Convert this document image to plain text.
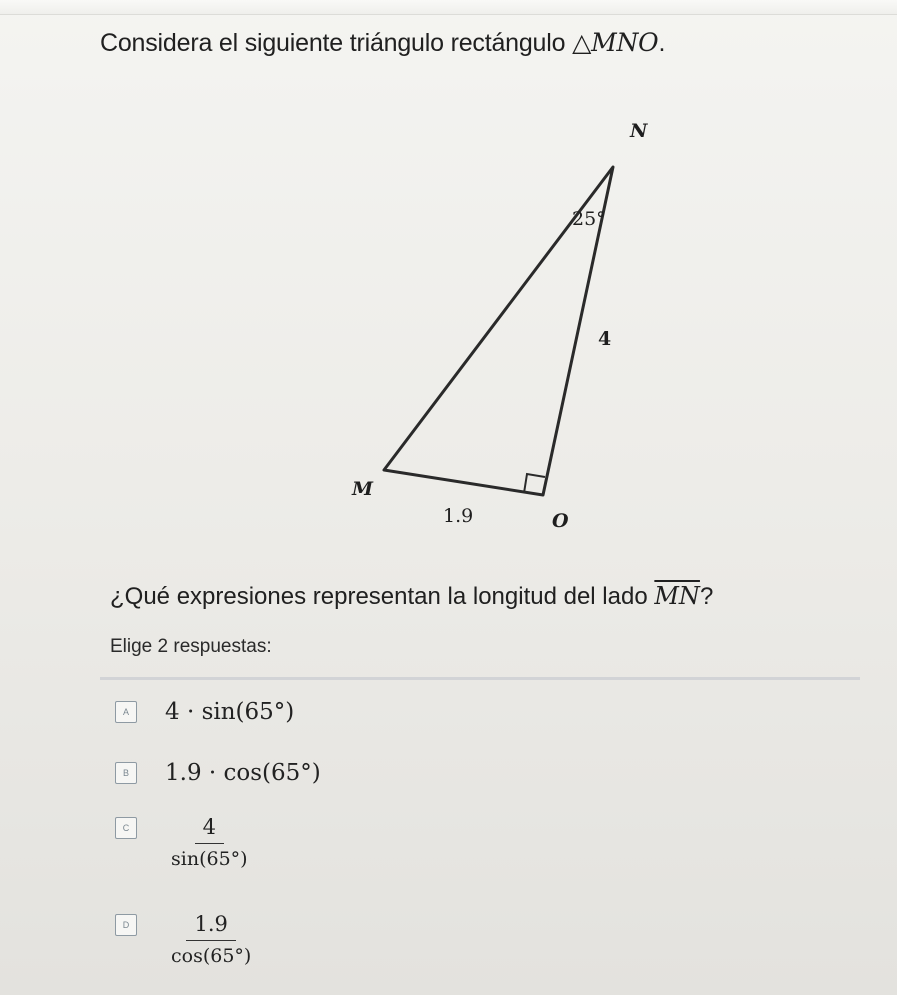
Considera el siguiente triángulo rectángulo △MNO.
N
25°
4
M
1.9	O
¿Qué expresiones representan la longitud del lado $\overline{MN}$?
Elige 2 respuestas:
A 4 · sin(65°)
B 1.9 · cos(65°)
C $\frac{4}{\sin(65^\circ)}$
D $\frac{1.9}{\cos(65^\circ)}$
